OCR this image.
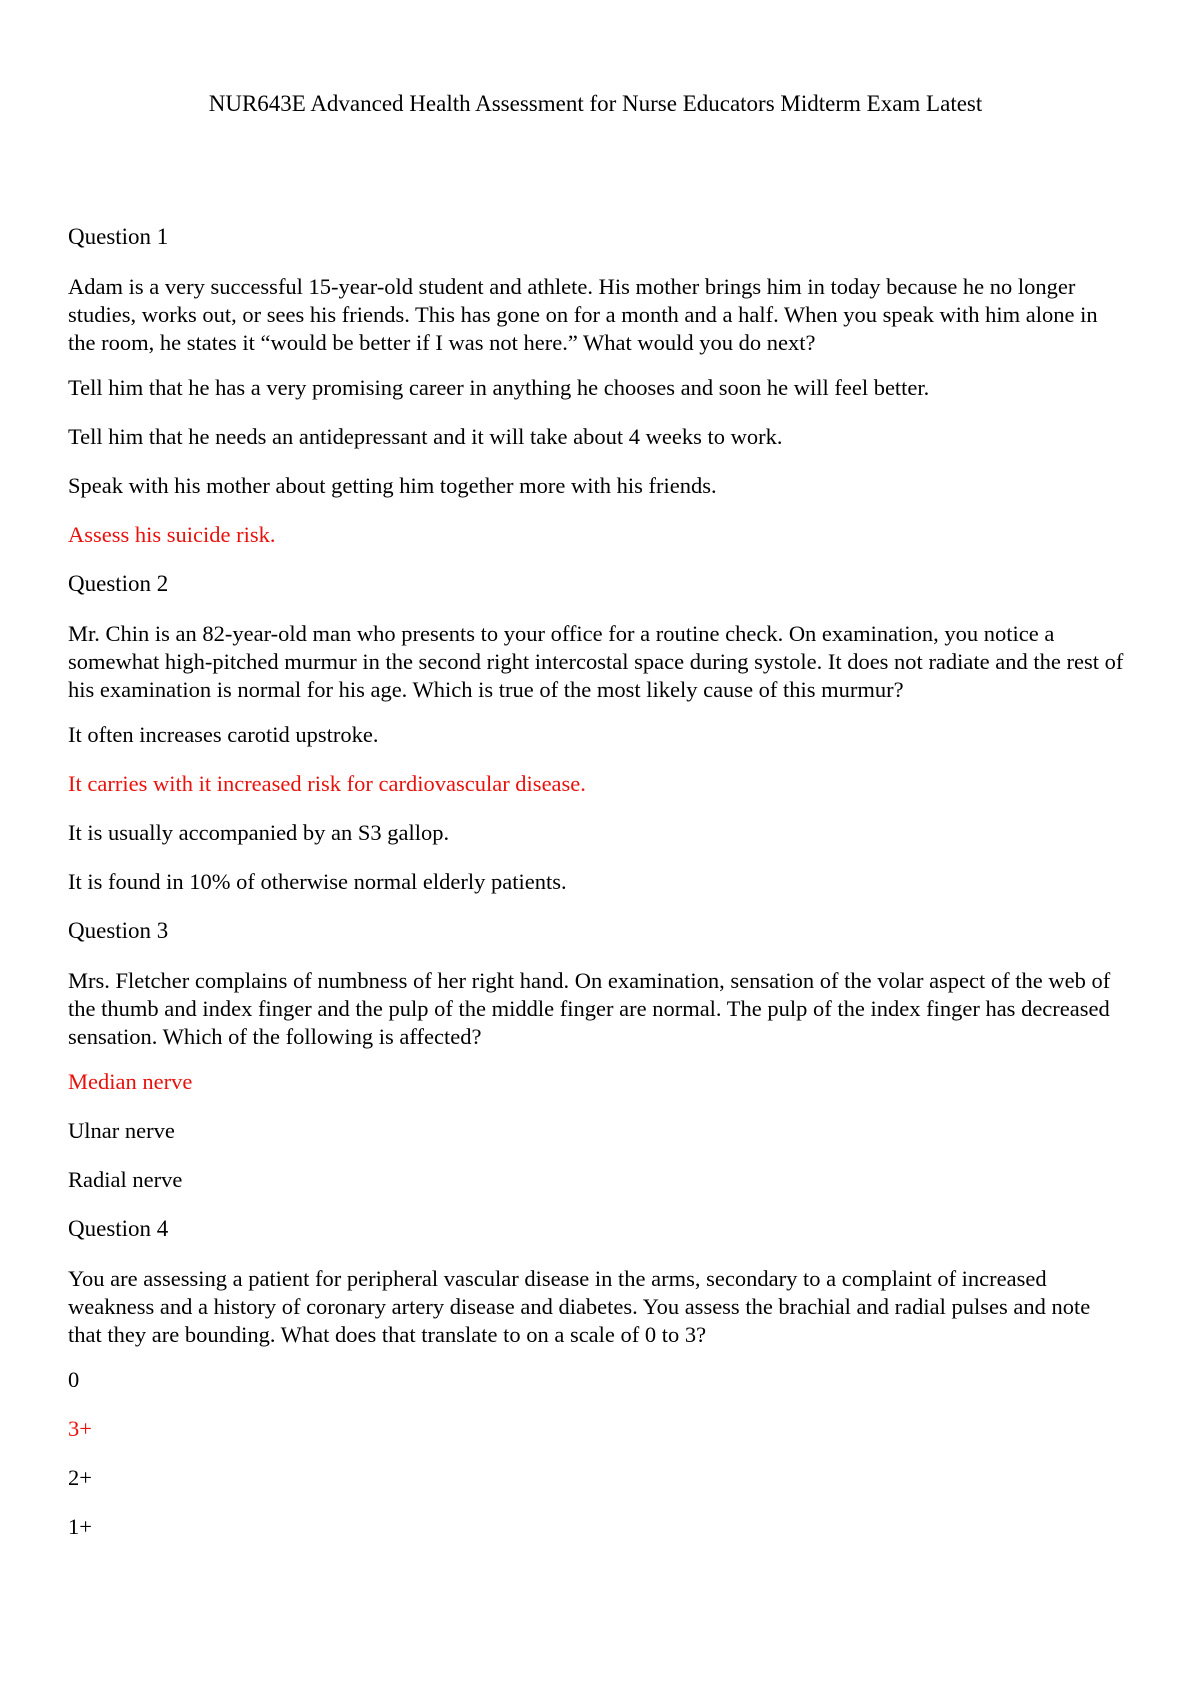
NUR643E Advanced Health Assessment for Nurse Educators Midterm Exam Latest

Question 1

Adam is a very successful 15-year-old student and athlete. His mother brings him in today because he no longer studies, works out, or sees his friends. This has gone on for a month and a half. When you speak with him alone in the room, he states it “would be better if I was not here.” What would you do next?

Tell him that he has a very promising career in anything he chooses and soon he will feel better.

Tell him that he needs an antidepressant and it will take about 4 weeks to work.

Speak with his mother about getting him together more with his friends.

Assess his suicide risk.

Question 2

Mr. Chin is an 82-year-old man who presents to your office for a routine check. On examination, you notice a somewhat high-pitched murmur in the second right intercostal space during systole. It does not radiate and the rest of his examination is normal for his age. Which is true of the most likely cause of this murmur?

It often increases carotid upstroke.

It carries with it increased risk for cardiovascular disease.

It is usually accompanied by an S3 gallop.

It is found in 10% of otherwise normal elderly patients.

Question 3

Mrs. Fletcher complains of numbness of her right hand. On examination, sensation of the volar aspect of the web of the thumb and index finger and the pulp of the middle finger are normal. The pulp of the index finger has decreased sensation. Which of the following is affected?

Median nerve

Ulnar nerve

Radial nerve

Question 4

You are assessing a patient for peripheral vascular disease in the arms, secondary to a complaint of increased weakness and a history of coronary artery disease and diabetes. You assess the brachial and radial pulses and note that they are bounding. What does that translate to on a scale of 0 to 3?

0

3+

2+

1+
